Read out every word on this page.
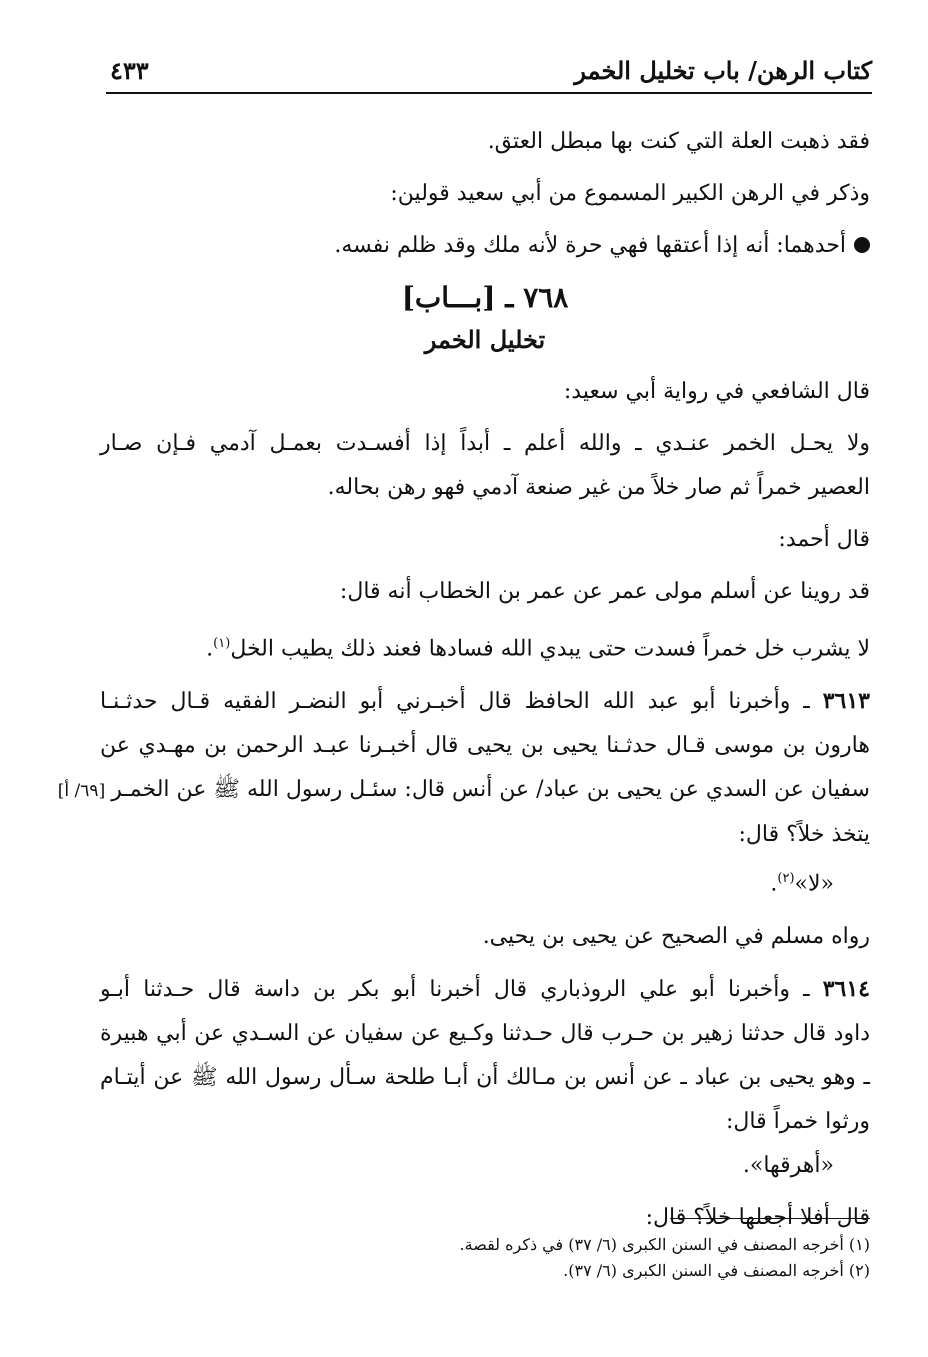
كتاب الرهن/ باب تخليل الخمر
٤٣٣
فقد ذهبت العلة التي كنت بها مبطل العتق.
وذكر في الرهن الكبير المسموع من أبي سعيد قولين:
أحدهما: أنه إذا أعتقها فهي حرة لأنه ملك وقد ظلم نفسه.
٧٦٨ ـ [بـــاب]
تخليل الخمر
قال الشافعي في رواية أبي سعيد:
ولا يحـل الخمر عنـدي ـ والله أعلم ـ أبداً إذا أفسـدت بعمـل آدمي فـإن صـار
العصير خمراً ثم صار خلاً من غير صنعة آدمي فهو رهن بحاله.
قال أحمد:
قد روينا عن أسلم مولى عمر عن عمر بن الخطاب أنه قال:
لا يشرب خل خمراً فسدت حتى يبدي الله فسادها فعند ذلك يطيب الخل$^{(١)}$.
٣٦١٣ ـ وأخبرنا أبو عبد الله الحافظ قال أخبـرني أبو النضـر الفقيه قـال حدثـنـا
هارون بن موسى قـال حدثـنا يحيى بن يحيى قال أخبـرنا عبـد الرحمن بن مهـدي عن
سفيان عن السدي عن يحيى بن عباد/ عن أنس قال: سئـل رسول الله ﷺ عن الخمـر[٦٩/ أ]
يتخذ خلاً؟ قال:
«لا»$^{(٢)}$.
رواه مسلم في الصحيح عن يحيى بن يحيى.
٣٦١٤ ـ وأخبرنا أبو علي الروذباري قال أخبرنا أبو بكر بن داسة قال حـدثنا أبـو
داود قال حدثنا زهير بن حـرب قال حـدثنا وكـيع عن سفيان عن السـدي عن أبي هبيرة
ـ وهو يحيى بن عباد ـ عن أنس بن مـالك أن أبـا طلحة سـأل رسول الله ﷺ عن أيتـام
ورثوا خمراً قال:
«أهرقها».
قال أفلا أجعلها خلاً؟ قال:
(١) أخرجه المصنف في السنن الكبرى (٦/ ٣٧) في ذكره لقصة.
(٢) أخرجه المصنف في السنن الكبرى (٦/ ٣٧).
